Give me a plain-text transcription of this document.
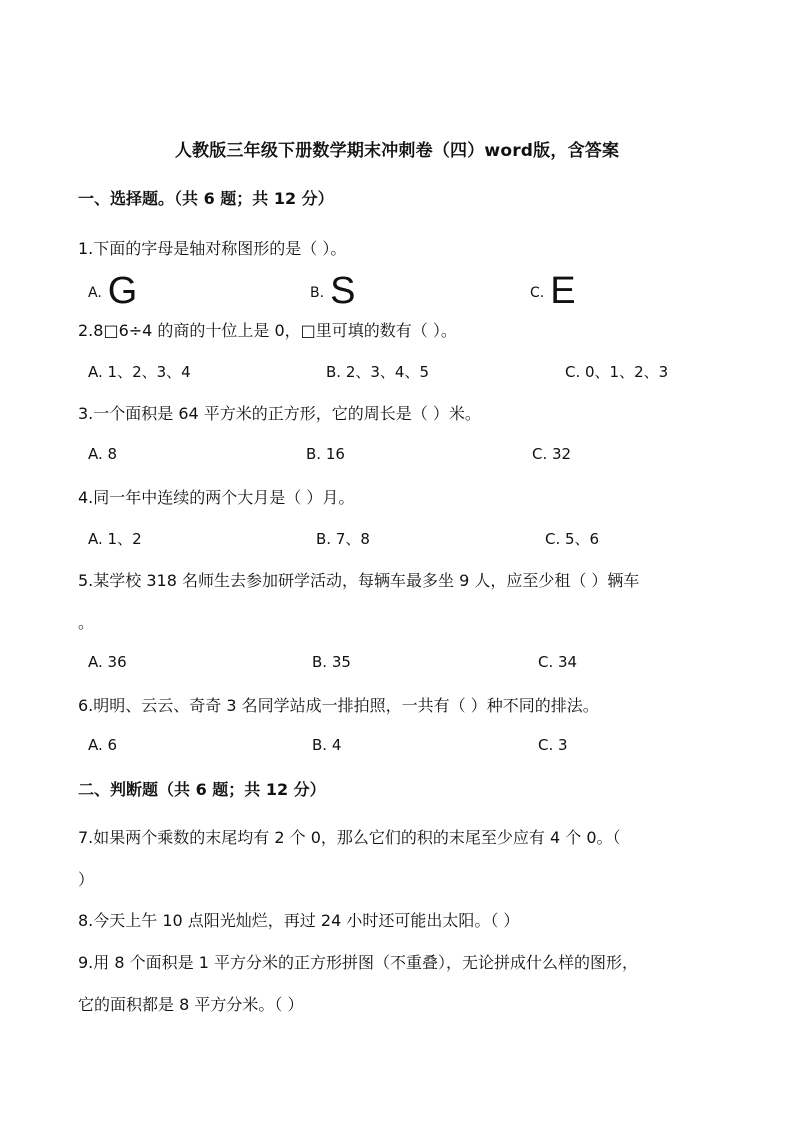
人教版三年级下册数学期末冲刺卷（四）word版，含答案
一、选择题。（共 6 题；共 12 分）
1.下面的字母是轴对称图形的是（ ）。
A. G	B. S	C. E
2.8□6÷4 的商的十位上是 0，□里可填的数有（ ）。
A. 1、2、3、4	B. 2、3、4、5	C. 0、1、2、3
3.一个面积是 64 平方米的正方形，它的周长是（ ）米。
A. 8	B. 16	C. 32
4.同一年中连续的两个大月是（ ）月。
A. 1、2	B. 7、8	C. 5、6
5.某学校 318 名师生去参加研学活动，每辆车最多坐 9 人，应至少租（ ）辆车
。
A. 36	B. 35	C. 34
6.明明、云云、奇奇 3 名同学站成一排拍照，一共有（ ）种不同的排法。
A. 6	B. 4	C. 3
二、判断题（共 6 题；共 12 分）
7.如果两个乘数的末尾均有 2 个 0，那么它们的积的末尾至少应有 4 个 0。（
）
8.今天上午 10 点阳光灿烂，再过 24 小时还可能出太阳。（ ）
9.用 8 个面积是 1 平方分米的正方形拼图（不重叠），无论拼成什么样的图形，
它的面积都是 8 平方分米。（ ）
